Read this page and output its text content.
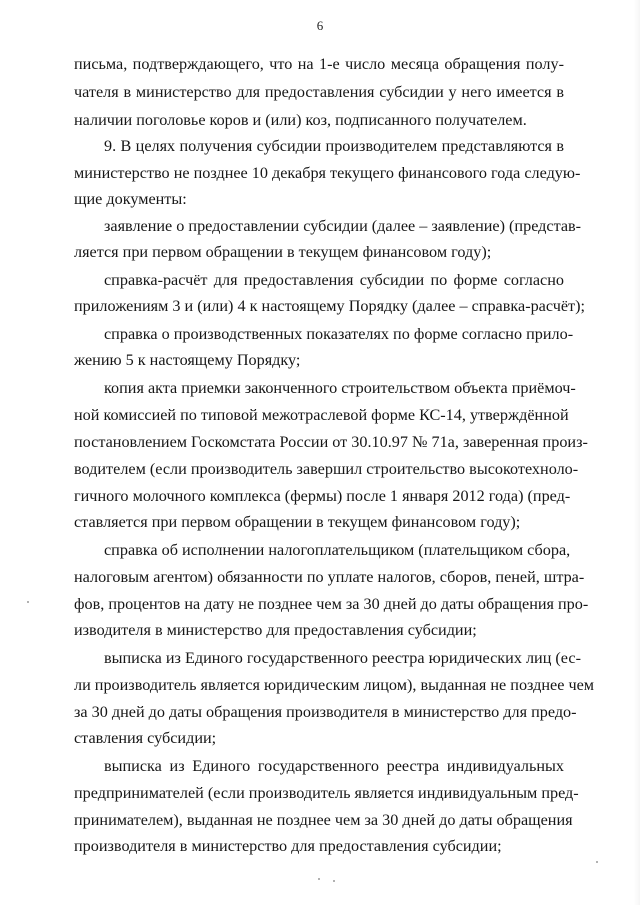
6
письма, подтверждающего, что на 1-е число месяца обращения полу-
чателя в министерство для предоставления субсидии у него имеется в
наличии поголовье коров и (или) коз, подписанного получателем.
9. В целях получения субсидии производителем представляются в
министерство не позднее 10 декабря текущего финансового года следую-
щие документы:
заявление о предоставлении субсидии (далее – заявление) (представ-
ляется при первом обращении в текущем финансовом году);
справка-расчёт для предоставления субсидии по форме согласно
приложениям 3 и (или) 4 к настоящему Порядку (далее – справка-расчёт);
справка о производственных показателях по форме согласно прило-
жению 5 к настоящему Порядку;
копия акта приемки законченного строительством объекта приёмоч-
ной комиссией по типовой межотраслевой форме КС-14, утверждённой
постановлением Госкомстата России от 30.10.97 № 71а, заверенная произ-
водителем (если производитель завершил строительство высокотехноло-
гичного молочного комплекса (фермы) после 1 января 2012 года) (пред-
ставляется при первом обращении в текущем финансовом году);
справка об исполнении налогоплательщиком (плательщиком сбора,
налоговым агентом) обязанности по уплате налогов, сборов, пеней, штра-
фов, процентов на дату не позднее чем за 30 дней до даты обращения про-
изводителя в министерство для предоставления субсидии;
выписка из Единого государственного реестра юридических лиц (ес-
ли производитель является юридическим лицом), выданная не позднее чем
за 30 дней до даты обращения производителя в министерство для предо-
ставления субсидии;
выписка из Единого государственного реестра индивидуальных
предпринимателей (если производитель является индивидуальным пред-
принимателем), выданная не позднее чем за 30 дней до даты обращения
производителя в министерство для предоставления субсидии;
